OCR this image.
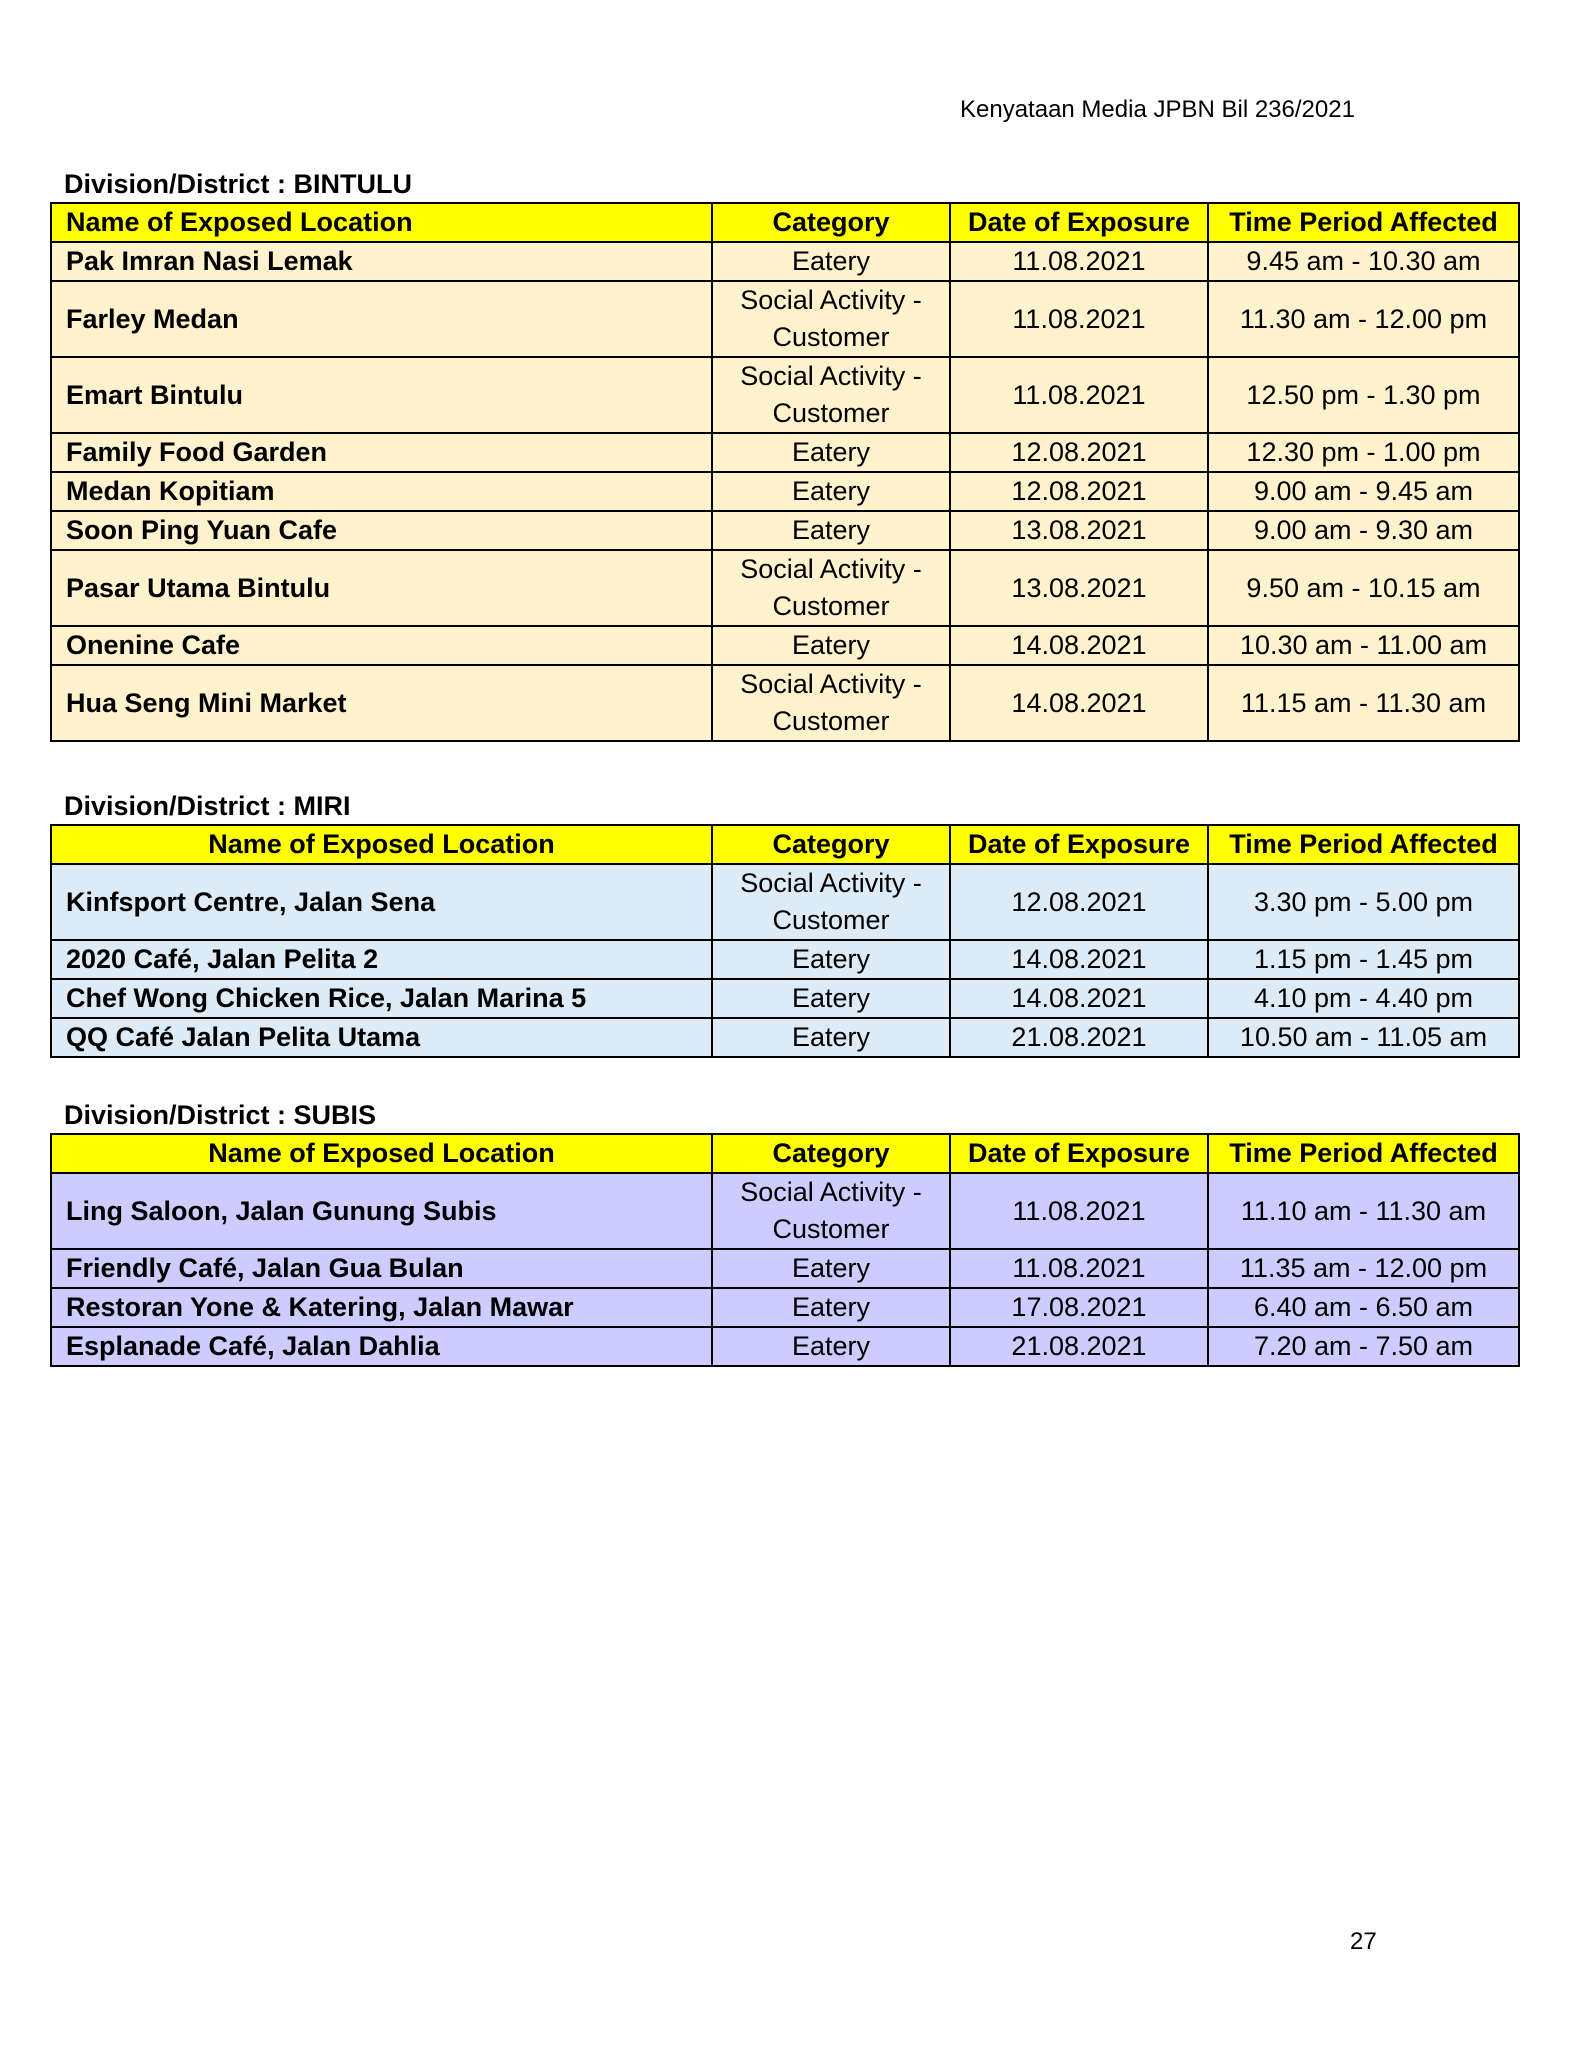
Kenyataan Media JPBN Bil 236/2021
Division/District : BINTULU
Name of Exposed Location	Category	Date of Exposure	Time Period Affected
Pak Imran Nasi Lemak	Eatery	11.08.2021	9.45 am - 10.30 am
Farley Medan	Social Activity - Customer	11.08.2021	11.30 am - 12.00 pm
Emart Bintulu	Social Activity - Customer	11.08.2021	12.50 pm - 1.30 pm
Family Food Garden	Eatery	12.08.2021	12.30 pm - 1.00 pm
Medan Kopitiam	Eatery	12.08.2021	9.00 am - 9.45 am
Soon Ping Yuan Cafe	Eatery	13.08.2021	9.00 am - 9.30 am
Pasar Utama Bintulu	Social Activity - Customer	13.08.2021	9.50 am - 10.15 am
Onenine Cafe	Eatery	14.08.2021	10.30 am - 11.00 am
Hua Seng Mini Market	Social Activity - Customer	14.08.2021	11.15 am - 11.30 am
Division/District : MIRI
Name of Exposed Location	Category	Date of Exposure	Time Period Affected
Kinfsport Centre, Jalan Sena	Social Activity - Customer	12.08.2021	3.30 pm - 5.00 pm
2020 Café, Jalan Pelita 2	Eatery	14.08.2021	1.15 pm - 1.45 pm
Chef Wong Chicken Rice, Jalan Marina 5	Eatery	14.08.2021	4.10 pm - 4.40 pm
QQ Café Jalan Pelita Utama	Eatery	21.08.2021	10.50 am - 11.05 am
Division/District : SUBIS
Name of Exposed Location	Category	Date of Exposure	Time Period Affected
Ling Saloon, Jalan Gunung Subis	Social Activity - Customer	11.08.2021	11.10 am - 11.30 am
Friendly Café, Jalan Gua Bulan	Eatery	11.08.2021	11.35 am - 12.00 pm
Restoran Yone & Katering, Jalan Mawar	Eatery	17.08.2021	6.40 am - 6.50 am
Esplanade Café, Jalan Dahlia	Eatery	21.08.2021	7.20 am - 7.50 am
27
